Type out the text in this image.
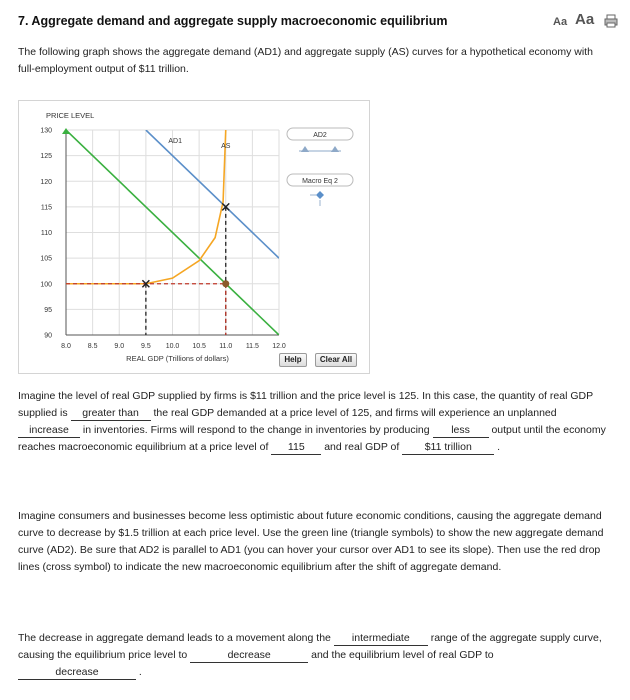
7. Aggregate demand and aggregate supply macroeconomic equilibrium	Aa Aa
The following graph shows the aggregate demand (AD1) and aggregate supply (AS) curves for a hypothetical economy with full-employment output of $11 trillion.
8.0 8.5 9.0 9.5 10.0 10.5 11.0 11.5 12.0
130
125
120
115
110
105
100
95
90
PRICE LEVEL
REAL GDP (Trillions of dollars)
AD1
AS
AD2
Macro Eq 2
Help	Clear All
Imagine the level of real GDP supplied by firms is $11 trillion and the price level is 125. In this case, the quantity of real GDP supplied is greater than the real GDP demanded at a price level of 125, and firms will experience an unplanned increase in inventories. Firms will respond to the change in inventories by producing less output until the economy reaches macroeconomic equilibrium at a price level of 115 and real GDP of $11 trillion .
Imagine consumers and businesses become less optimistic about future economic conditions, causing the aggregate demand curve to decrease by $1.5 trillion at each price level. Use the green line (triangle symbols) to show the new aggregate demand curve (AD2). Be sure that AD2 is parallel to AD1 (you can hover your cursor over AD1 to see its slope). Then use the red drop lines (cross symbol) to indicate the new macroeconomic equilibrium after the shift of aggregate demand.
The decrease in aggregate demand leads to a movement along the intermediate range of the aggregate supply curve, causing the equilibrium price level to	decrease	and the equilibrium level of real GDP to decrease	.
